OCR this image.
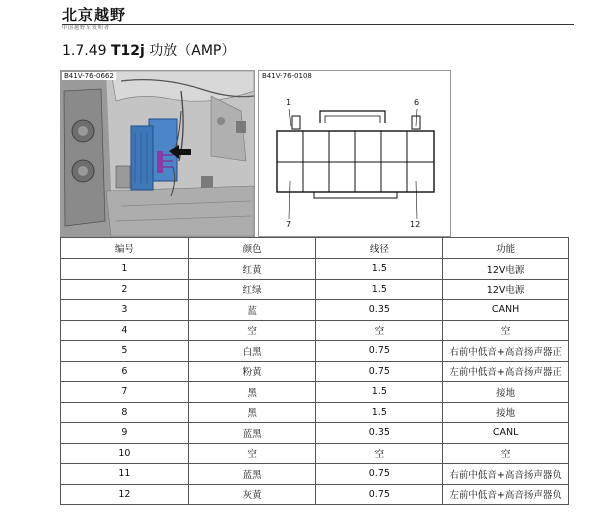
北京越野
中国越野车发明者
1.7.49 T12j 功放（AMP）
B41V-76-0662	B41V-76-0108
1	6
7	12
编号	颜色	线径	功能
1	红黄	1.5	12V电源
2	红绿	1.5	12V电源
3	蓝	0.35	CANH
4	空	空	空
5	白黑	0.75	右前中低音+高音扬声器正
6	粉黄	0.75	左前中低音+高音扬声器正
7	黑	1.5	接地
8	黑	1.5	接地
9	蓝黑	0.35	CANL
10	空	空	空
11	蓝黑	0.75	右前中低音+高音扬声器负
12	灰黄	0.75	左前中低音+高音扬声器负
